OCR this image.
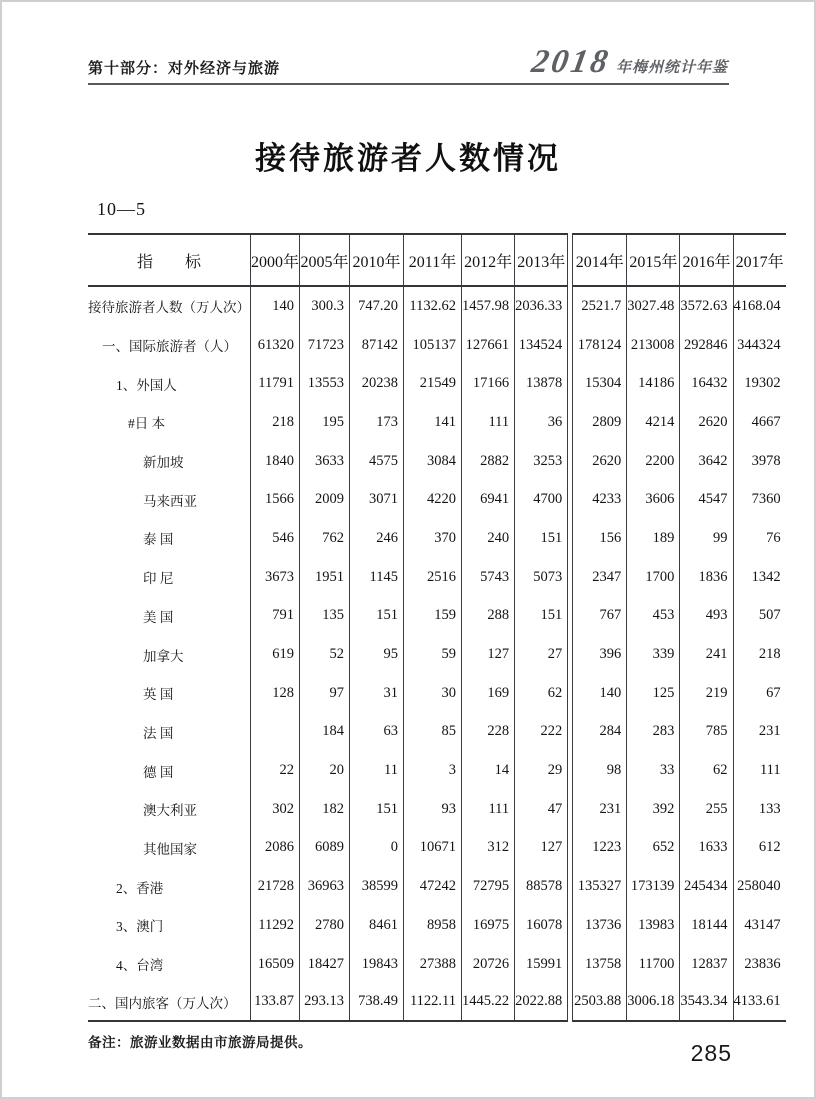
第十部分：对外经济与旅游	2018 年梅州统计年鉴
接待旅游者人数情况
10—5
指　　标	2000年	2005年	2010年	2011年	2012年	2013年		2014年	2015年	2016年	2017年
接待旅游者人数（万人次）	140	300.3	747.20	1132.62	1457.98	2036.33		2521.7	3027.48	3572.63	4168.04
一、国际旅游者（人）	61320	71723	87142	105137	127661	134524		178124	213008	292846	344324
1、外国人	11791	13553	20238	21549	17166	13878		15304	14186	16432	19302
#日 本	218	195	173	141	111	36		2809	4214	2620	4667
新加坡	1840	3633	4575	3084	2882	3253		2620	2200	3642	3978
马来西亚	1566	2009	3071	4220	6941	4700		4233	3606	4547	7360
泰 国	546	762	246	370	240	151		156	189	99	76
印 尼	3673	1951	1145	2516	5743	5073		2347	1700	1836	1342
美 国	791	135	151	159	288	151		767	453	493	507
加拿大	619	52	95	59	127	27		396	339	241	218
英 国	128	97	31	30	169	62		140	125	219	67
法 国		184	63	85	228	222		284	283	785	231
德 国	22	20	11	3	14	29		98	33	62	111
澳大利亚	302	182	151	93	111	47		231	392	255	133
其他国家	2086	6089	0	10671	312	127		1223	652	1633	612
2、香港	21728	36963	38599	47242	72795	88578		135327	173139	245434	258040
3、澳门	11292	2780	8461	8958	16975	16078		13736	13983	18144	43147
4、台湾	16509	18427	19843	27388	20726	15991		13758	11700	12837	23836
二、国内旅客（万人次）	133.87	293.13	738.49	1122.11	1445.22	2022.88		2503.88	3006.18	3543.34	4133.61
备注：旅游业数据由市旅游局提供。	285
